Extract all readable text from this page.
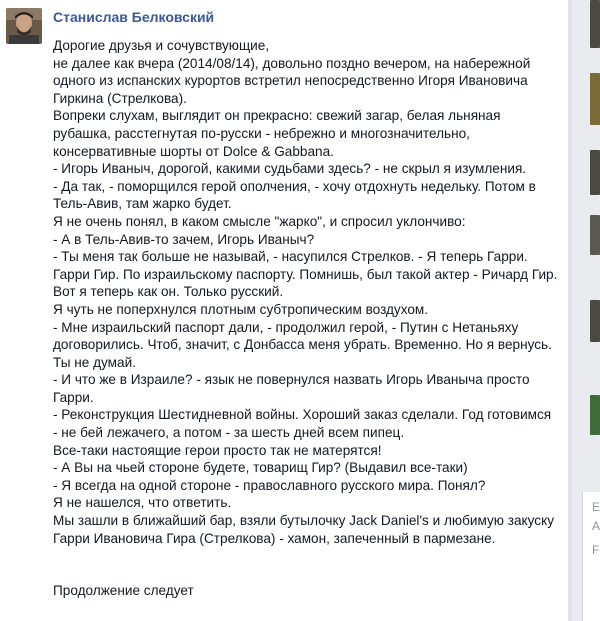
Станислав Белковский

Дорогие друзья и сочувствующие,
не далее как вчера (2014/08/14), довольно поздно вечером, на набережной одного из испанских курортов встретил непосредственно Игоря Ивановича Гиркина (Стрелкова).
Вопреки слухам, выглядит он прекрасно: свежий загар, белая льняная рубашка, расстегнутая по-русски - небрежно и многозначительно, консервативные шорты от Dolce & Gabbana.
- Игорь Иваныч, дорогой, какими судьбами здесь? - не скрыл я изумления.
- Да так, - поморщился герой ополчения, - хочу отдохнуть недельку. Потом в Тель-Авив, там жарко будет.
Я не очень понял, в каком смысле "жарко", и спросил уклончиво:
- А в Тель-Авив-то зачем, Игорь Иваныч?
- Ты меня так больше не называй, - насупился Стрелков. - Я теперь Гарри. Гарри Гир. По израильскому паспорту. Помнишь, был такой актер - Ричард Гир. Вот я теперь как он. Только русский.
Я чуть не поперхнулся плотным субтропическим воздухом.
- Мне израильский паспорт дали, - продолжил герой, - Путин с Нетаньяху договорились. Чтоб, значит, с Донбасса меня убрать. Временно. Но я вернусь. Ты не думай.
- И что же в Израиле? - язык не повернулся назвать Игорь Иваныча просто Гарри.
- Реконструкция Шестидневной войны. Хороший заказ сделали. Год готовимся - не бей лежачего, а потом - за шесть дней всем пипец.
Все-таки настоящие герои просто так не матерятся!
- А Вы на чьей стороне будете, товарищ Гир? (Выдавил все-таки)
- Я всегда на одной стороне - православного русского мира. Понял?
Я не нашелся, что ответить.
Мы зашли в ближайший бар, взяли бутылочку Jack Daniel's и любимую закуску Гарри Ивановича Гира (Стрелкова) - хамон, запеченный в пармезане.

Продолжение следует

Е

А

F
